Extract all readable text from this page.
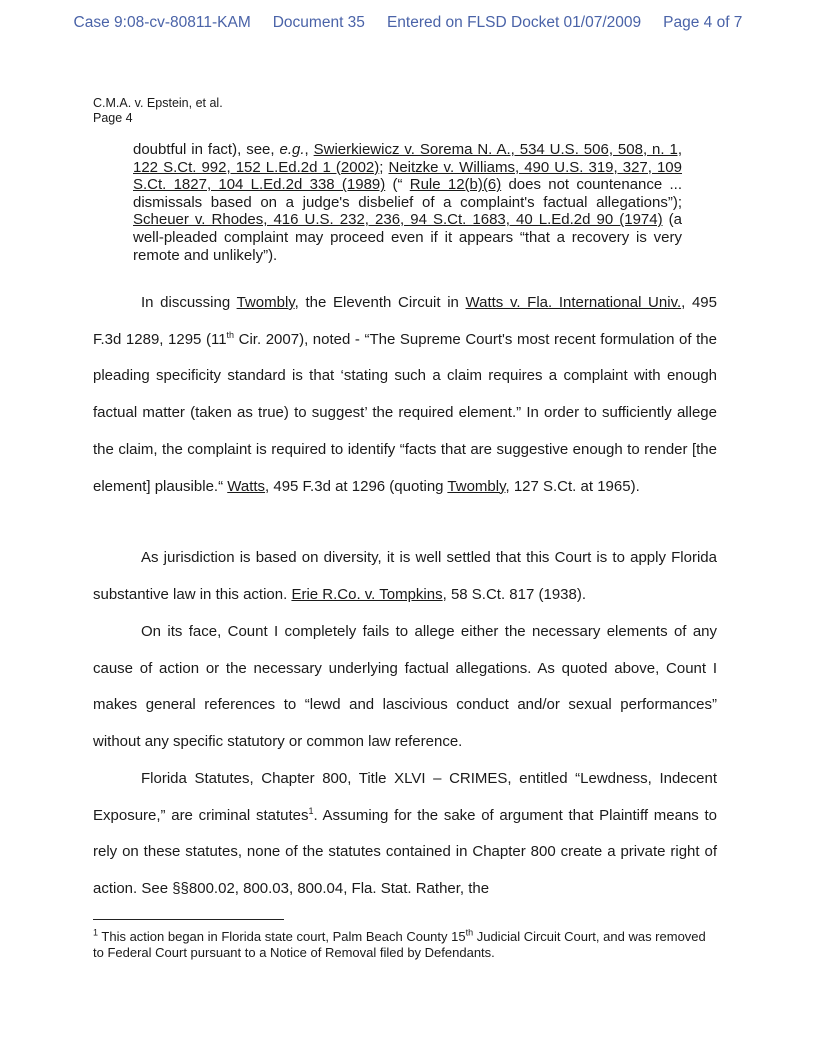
Case 9:08-cv-80811-KAM Document 35 Entered on FLSD Docket 01/07/2009 Page 4 of 7
C.M.A. v. Epstein, et al.
Page 4
doubtful in fact), see, e.g., Swierkiewicz v. Sorema N. A., 534 U.S. 506, 508, n. 1, 122 S.Ct. 992, 152 L.Ed.2d 1 (2002); Neitzke v. Williams, 490 U.S. 319, 327, 109 S.Ct. 1827, 104 L.Ed.2d 338 (1989) (“ Rule 12(b)(6) does not countenance ... dismissals based on a judge's disbelief of a complaint's factual allegations”); Scheuer v. Rhodes, 416 U.S. 232, 236, 94 S.Ct. 1683, 40 L.Ed.2d 90 (1974) (a well-pleaded complaint may proceed even if it appears “that a recovery is very remote and unlikely”).
In discussing Twombly, the Eleventh Circuit in Watts v. Fla. International Univ., 495 F.3d 1289, 1295 (11th Cir. 2007), noted - “The Supreme Court's most recent formulation of the pleading specificity standard is that ‘stating such a claim requires a complaint with enough factual matter (taken as true) to suggest’ the required element.” In order to sufficiently allege the claim, the complaint is required to identify “facts that are suggestive enough to render [the element] plausible.“ Watts, 495 F.3d at 1296 (quoting Twombly, 127 S.Ct. at 1965).
As jurisdiction is based on diversity, it is well settled that this Court is to apply Florida substantive law in this action. Erie R.Co. v. Tompkins, 58 S.Ct. 817 (1938).
On its face, Count I completely fails to allege either the necessary elements of any cause of action or the necessary underlying factual allegations. As quoted above, Count I makes general references to “lewd and lascivious conduct and/or sexual performances” without any specific statutory or common law reference.
Florida Statutes, Chapter 800, Title XLVI – CRIMES, entitled “Lewdness, Indecent Exposure,” are criminal statutes$^1$. Assuming for the sake of argument that Plaintiff means to rely on these statutes, none of the statutes contained in Chapter 800 create a private right of action. See §§800.02, 800.03, 800.04, Fla. Stat. Rather, the
$^1$ This action began in Florida state court, Palm Beach County 15th Judicial Circuit Court, and was removed to Federal Court pursuant to a Notice of Removal filed by Defendants.
